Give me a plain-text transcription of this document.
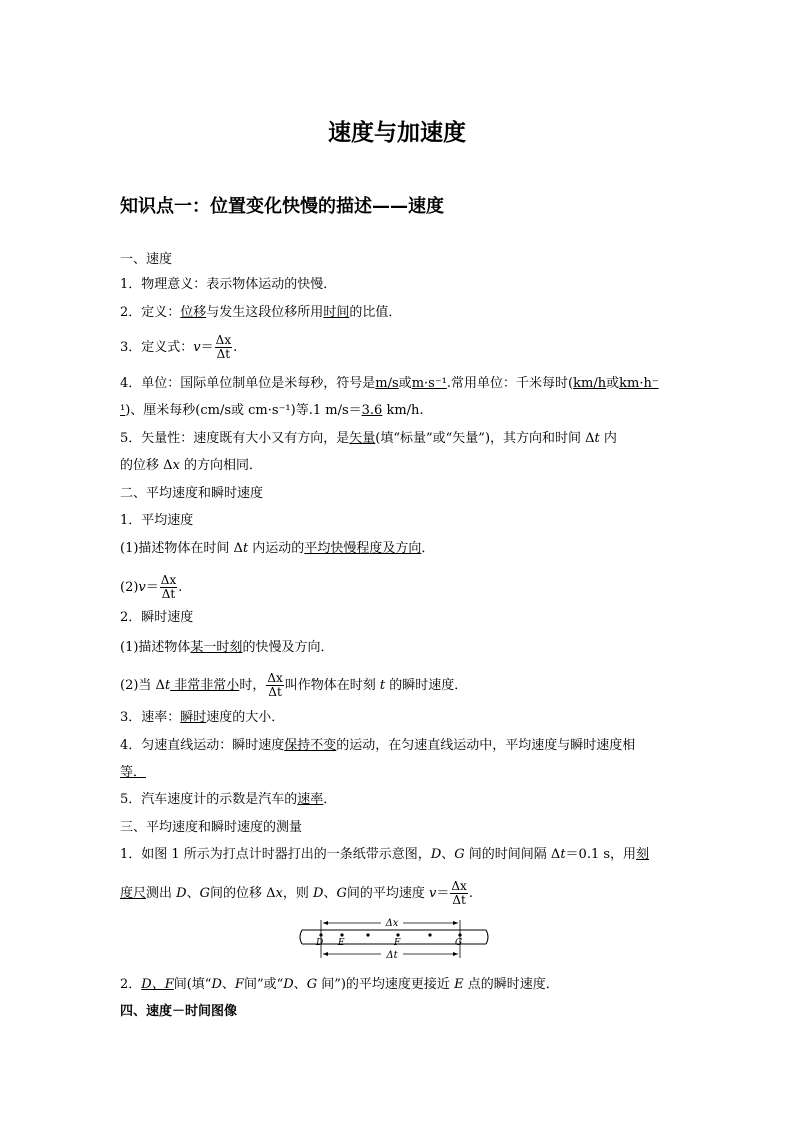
速度与加速度
知识点一：位置变化快慢的描述——速度
一、速度
1．物理意义：表示物体运动的快慢．
2．定义：位移与发生这段位移所用时间的比值．
3．定义式：$v= \frac{\Delta x}{\Delta t}$ .
4．单位：国际单位制单位是米每秒，符号是m/s或m·s⁻¹.常用单位：千米每时(km/h或km·h⁻
¹)、厘米每秒(cm/s或 cm·s⁻¹)等.1 m/s＝3.6 km/h.
5．矢量性：速度既有大小又有方向，是矢量(填“标量”或“矢量”)，其方向和时间 Δt 内
的位移 Δx 的方向相同．
二、平均速度和瞬时速度
1．平均速度
(1)描述物体在时间 Δt 内运动的平均快慢程度及方向．
$(2)v= \frac{\Delta x}{\Delta t}$ .
2．瞬时速度
(1)描述物体某一时刻的快慢及方向．
(2)当 Δt 非常非常小时， $\frac{\Delta x}{\Delta t}$ 叫作物体在时刻 t 的瞬时速度．
3．速率：瞬时速度的大小．
4．匀速直线运动：瞬时速度保持不变的运动，在匀速直线运动中，平均速度与瞬时速度相
等．
5．汽车速度计的示数是汽车的速率．
三、平均速度和瞬时速度的测量
1．如图 1 所示为打点计时器打出的一条纸带示意图，D、G 间的时间间隔 Δt＝0.1 s，用刻
度尺测出 D、G间的位移 Δx，则 D、G间的平均速度 $v= \frac{\Delta x}{\Delta t}$ .
Δx
Δt
D E	F	G
2．D、F间(填“D、F间”或“D、G 间”)的平均速度更接近 E 点的瞬时速度．
四、速度－时间图像
